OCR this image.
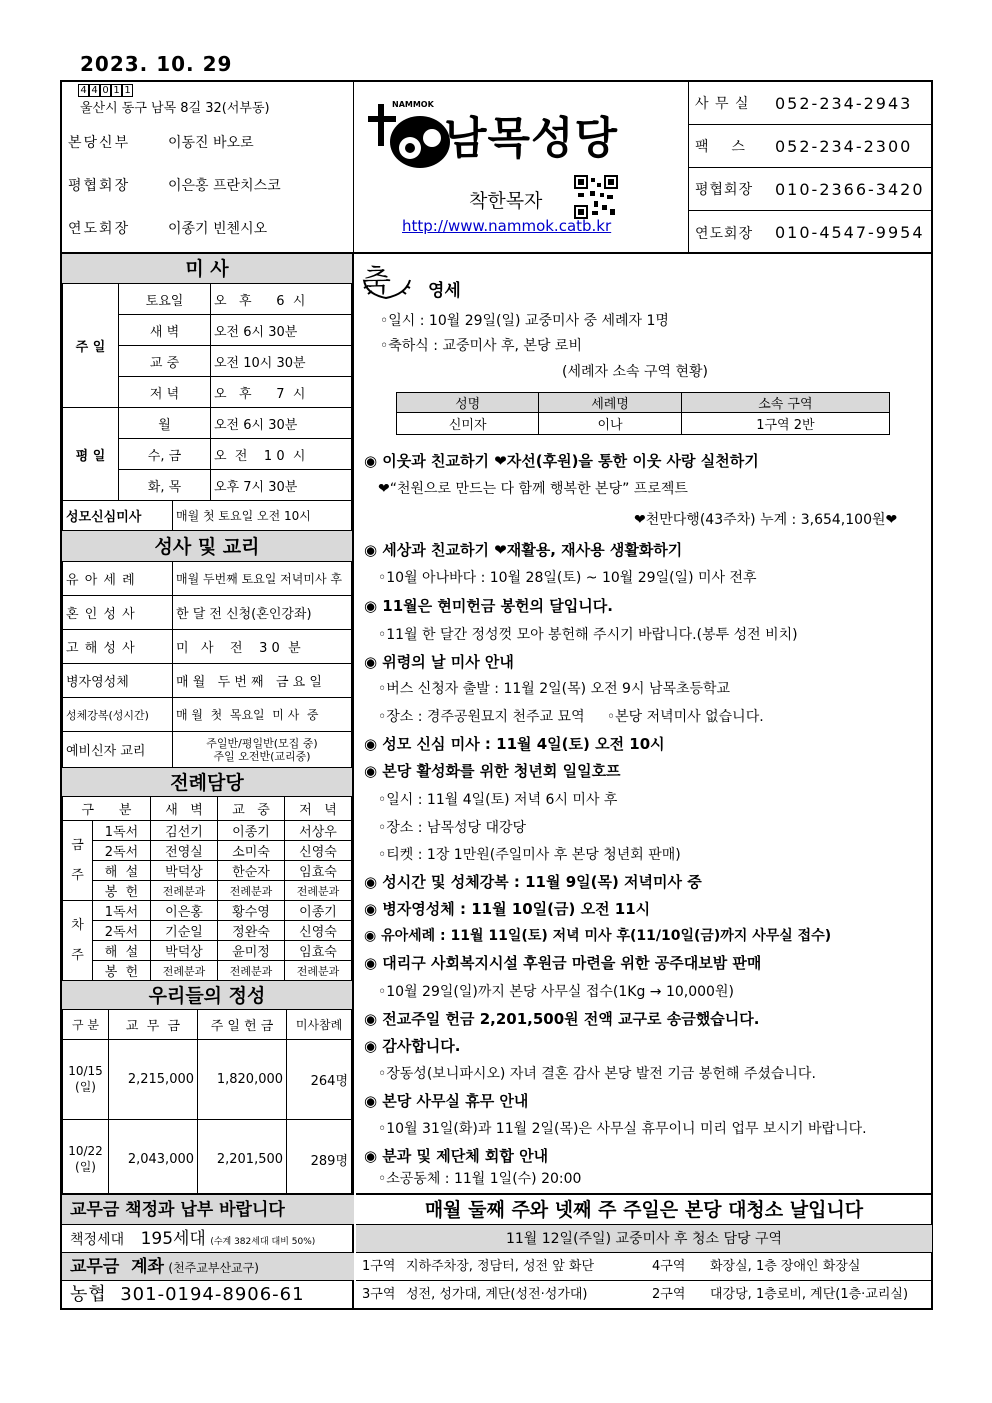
2023. 10. 29
4 4 0 1 1
울산시 동구 남목 8길 32(서부동)
본당신부	이동진 바오로
평협회장	이은홍 프란치스코
연도회장	이종기 빈첸시오
NAMMOK
남목성당
착한목자
http://www.nammok.catb.kr
사 무 실	052-234-2943
팩    스	052-234-2300
평협회장	010-2366-3420
연도회장	010-4547-9954
미 사
주 일	토요일	오   후      6  시
	새 벽	오전 6시 30분
	교 중	오전 10시 30분
	저 녁	오   후      7  시
평 일	월	오전 6시 30분
	수, 금	오  전    1 0  시
	화, 목	오후 7시 30분
성모신심미사	매월 첫 토요일 오전 10시
성사 및 교리
유 아 세 례	매월 두번째 토요일 저녁미사 후
혼 인 성 사	한 달 전 신청(혼인강좌)
고 해 성 사	미   사    전    3 0  분
병자영성체	매 월   두 번 째   금 요 일
성체강복(성시간)	매 월  첫  목요일  미 사  중
예비신자 교리	주일반/평일반(모집 중)
주일 오전반(교리중)
전례담당
구      분		새   벽	교   중	저   녁
금

주	1독서	김선기	이종기	서상우
	2독서	전영실	소미숙	신영숙
	해  설	박덕상	한순자	임효숙
	봉  헌	전례분과	전례분과	전례분과
차

주	1독서	이은홍	황수영	이종기
	2독서	기순일	정완숙	신영숙
	해  설	박덕상	윤미정	임효숙
	봉  헌	전례분과	전례분과	전례분과
우리들의 정성
구 분	교  무  금	주 일 헌 금	미사참례
10/15
(일)	2,215,000	1,820,000	264명
10/22
(일)	2,043,000	2,201,500	289명
교무금 책정과 납부 바랍니다
책정세대 195세대 (수계 382세대 대비 50%)
교무금  계좌 (천주교부산교구)
농협  301-0194-8906-61
축 영세
◦일시 : 10월 29일(일) 교중미사 중 세례자 1명
◦축하식 : 교중미사 후, 본당 로비
(세례자 소속 구역 현황)
성명	세례명	소속 구역
신미자	이나	1구역 2반
◉ 이웃과 친교하기 ❤자선(후원)을 통한 이웃 사랑 실천하기
❤“천원으로 만드는 다 함께 행복한 본당” 프로젝트
❤천만다행(43주차) 누계 : 3,654,100원❤
◉ 세상과 친교하기 ❤재활용, 재사용 생활화하기
◦10월 아나바다 : 10월 28일(토) ~ 10월 29일(일) 미사 전후
◉ 11월은 현미헌금 봉헌의 달입니다.
◦11월 한 달간 정성껏 모아 봉헌해 주시기 바랍니다.(봉투 성전 비치)
◉ 위령의 날 미사 안내
◦버스 신청자 출발 : 11월 2일(목) 오전 9시 남목초등학교
◦장소 : 경주공원묘지 천주교 묘역     ◦본당 저녁미사 없습니다.
◉ 성모 신심 미사 : 11월 4일(토) 오전 10시
◉ 본당 활성화를 위한 청년회 일일호프
◦일시 : 11월 4일(토) 저녁 6시 미사 후
◦장소 : 남목성당 대강당
◦티켓 : 1장 1만원(주일미사 후 본당 청년회 판매)
◉ 성시간 및 성체강복 : 11월 9일(목) 저녁미사 중
◉ 병자영성체 : 11월 10일(금) 오전 11시
◉ 유아세례 : 11월 11일(토) 저녁 미사 후(11/10일(금)까지 사무실 접수)
◉ 대리구 사회복지시설 후원금 마련을 위한 공주대보밤 판매
◦10월 29일(일)까지 본당 사무실 접수(1Kg → 10,000원)
◉ 전교주일 헌금 2,201,500원 전액 교구로 송금했습니다.
◉ 감사합니다.
◦장동성(보니파시오) 자녀 결혼 감사 본당 발전 기금 봉헌해 주셨습니다.
◉ 본당 사무실 휴무 안내
◦10월 31일(화)과 11월 2일(목)은 사무실 휴무이니 미리 업무 보시기 바랍니다.
◉ 분과 및 제단체 회합 안내
◦소공동체 : 11월 1일(수) 20:00
매월 둘째 주와 넷째 주 주일은 본당 대청소 날입니다
11월 12일(주일) 교중미사 후 청소 담당 구역
1구역 지하주차장, 정담터, 성전 앞 화단	4구역	화장실, 1층 장애인 화장실
3구역 성전, 성가대, 계단(성전·성가대)	2구역	대강당, 1층로비, 계단(1층·교리실)
